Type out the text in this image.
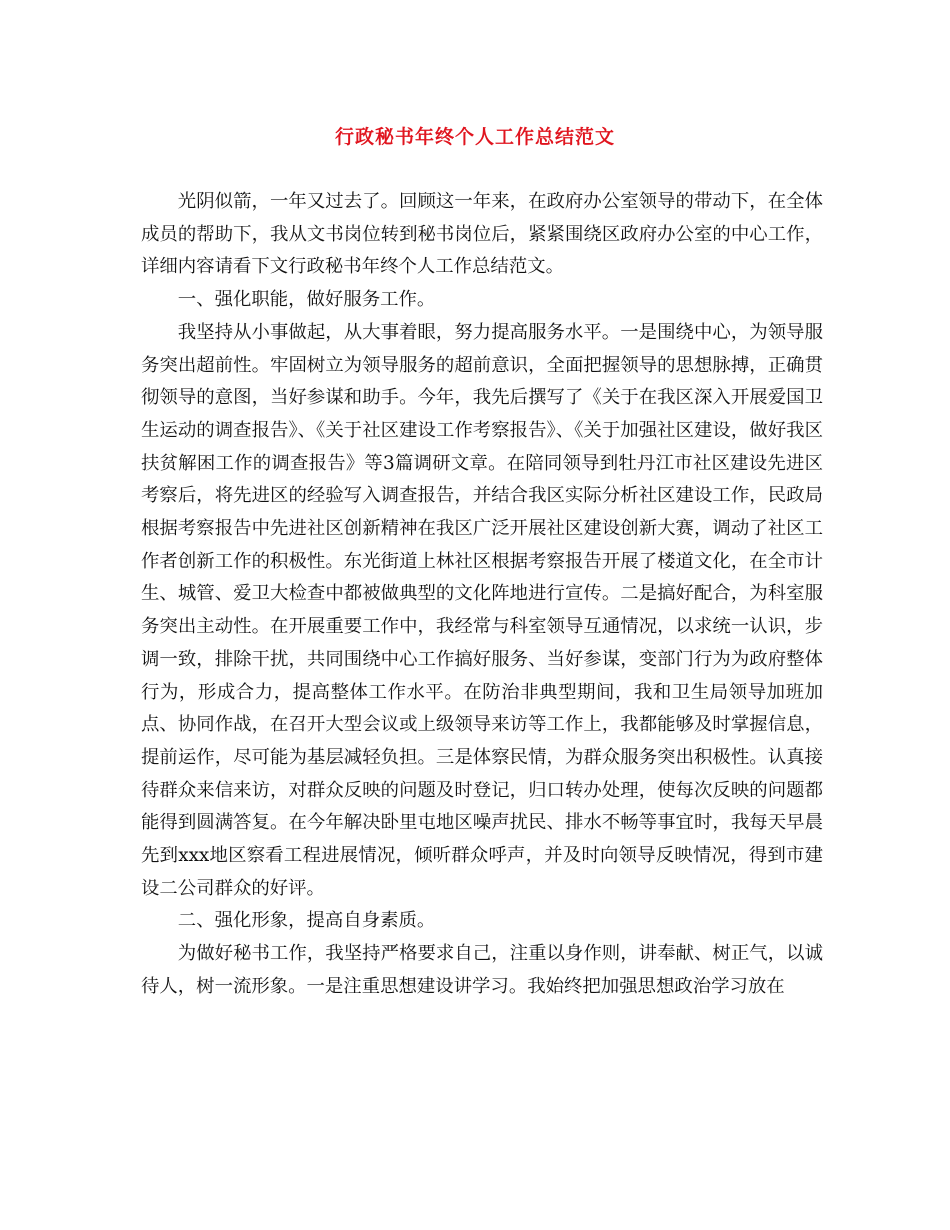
行政秘书年终个人工作总结范文

光阴似箭，一年又过去了。回顾这一年来，在政府办公室领导的带动下，在全体成员的帮助下，我从文书岗位转到秘书岗位后，紧紧围绕区政府办公室的中心工作，详细内容请看下文行政秘书年终个人工作总结范文。

一、强化职能，做好服务工作。

我坚持从小事做起，从大事着眼，努力提高服务水平。一是围绕中心，为领导服务突出超前性。牢固树立为领导服务的超前意识，全面把握领导的思想脉搏，正确贯彻领导的意图，当好参谋和助手。今年，我先后撰写了《关于在我区深入开展爱国卫生运动的调查报告》、《关于社区建设工作考察报告》、《关于加强社区建设，做好我区扶贫解困工作的调查报告》等3篇调研文章。在陪同领导到牡丹江市社区建设先进区考察后，将先进区的经验写入调查报告，并结合我区实际分析社区建设工作，民政局根据考察报告中先进社区创新精神在我区广泛开展社区建设创新大赛，调动了社区工作者创新工作的积极性。东光街道上林社区根据考察报告开展了楼道文化，在全市计生、城管、爱卫大检查中都被做典型的文化阵地进行宣传。二是搞好配合，为科室服务突出主动性。在开展重要工作中，我经常与科室领导互通情况，以求统一认识，步调一致，排除干扰，共同围绕中心工作搞好服务、当好参谋，变部门行为为政府整体行为，形成合力，提高整体工作水平。在防治非典型期间，我和卫生局领导加班加点、协同作战，在召开大型会议或上级领导来访等工作上，我都能够及时掌握信息，提前运作，尽可能为基层减轻负担。三是体察民情，为群众服务突出积极性。认真接待群众来信来访，对群众反映的问题及时登记，归口转办处理，使每次反映的问题都能得到圆满答复。在今年解决卧里屯地区噪声扰民、排水不畅等事宜时，我每天早晨先到xxx地区察看工程进展情况，倾听群众呼声，并及时向领导反映情况，得到市建设二公司群众的好评。

二、强化形象，提高自身素质。

为做好秘书工作，我坚持严格要求自己，注重以身作则，讲奉献、树正气，以诚待人，树一流形象。一是注重思想建设讲学习。我始终把加强思想政治学习放在
